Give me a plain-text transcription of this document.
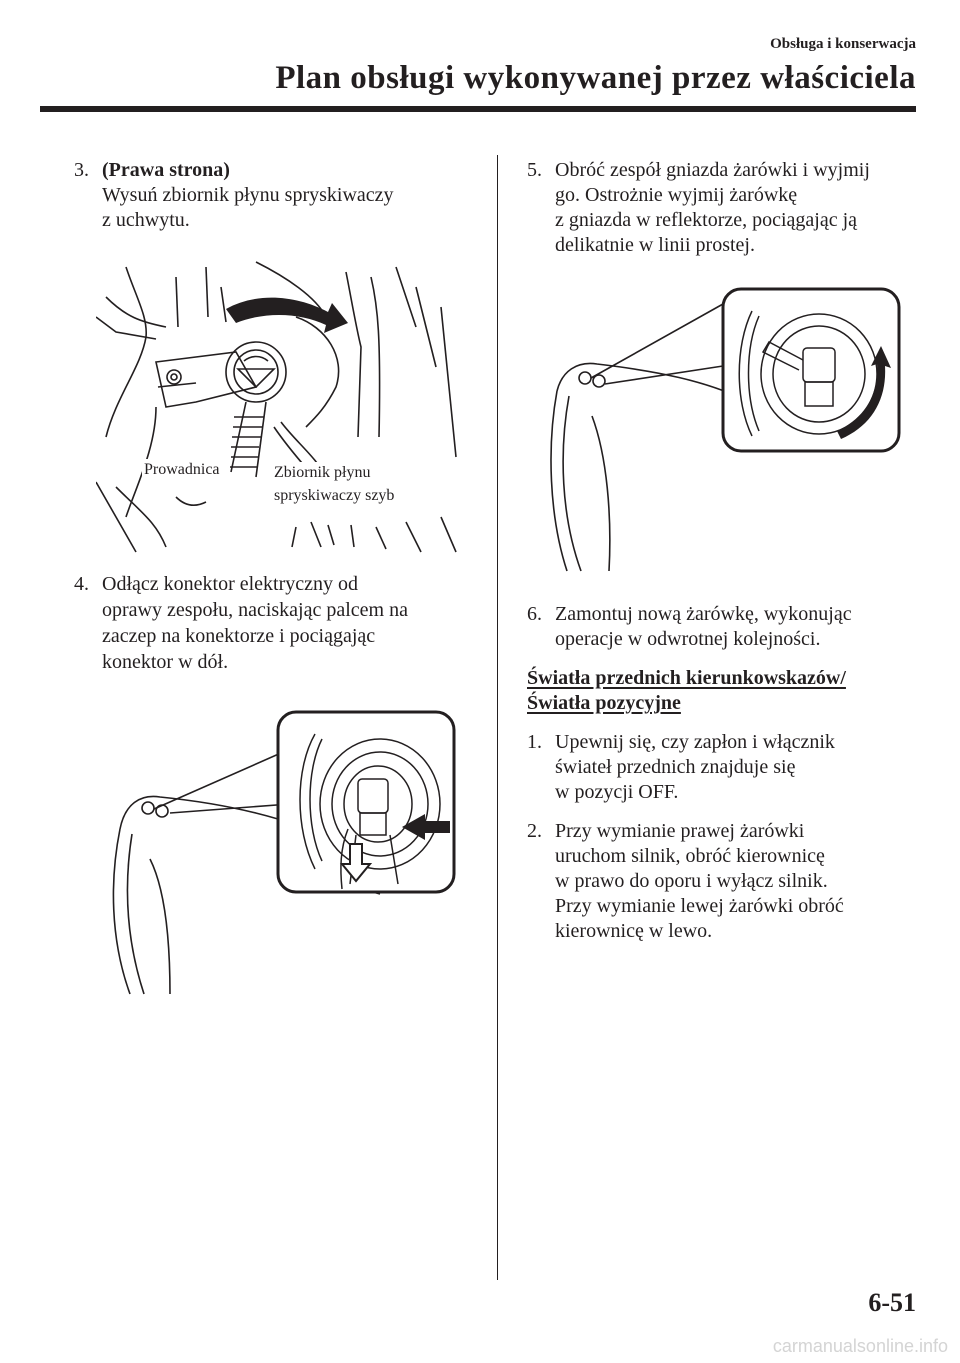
Obsługa i konserwacja
Plan obsługi wykonywanej przez właściciela
3. (Prawa strona)
Wysuń zbiornik płynu spryskiwaczy
z uchwytu.
Prowadnica	Zbiornik płynu
spryskiwaczy szyb
4. Odłącz konektor elektryczny od
oprawy zespołu, naciskając palcem na
zaczep na konektorze i pociągając
konektor w dół.
5. Obróć zespół gniazda żarówki i wyjmij
go. Ostrożnie wyjmij żarówkę
z gniazda w reflektorze, pociągając ją
delikatnie w linii prostej.
6. Zamontuj nową żarówkę, wykonując
operacje w odwrotnej kolejności.

Światła przednich kierunkowskazów/

Światła pozycyjne

1. Upewnij się, czy zapłon i włącznik
świateł przednich znajduje się
w pozycji OFF.
2. Przy wymianie prawej żarówki
uruchom silnik, obróć kierownicę
w prawo do oporu i wyłącz silnik.
Przy wymianie lewej żarówki obróć
kierownicę w lewo.
6-51
carmanualsonline.info
